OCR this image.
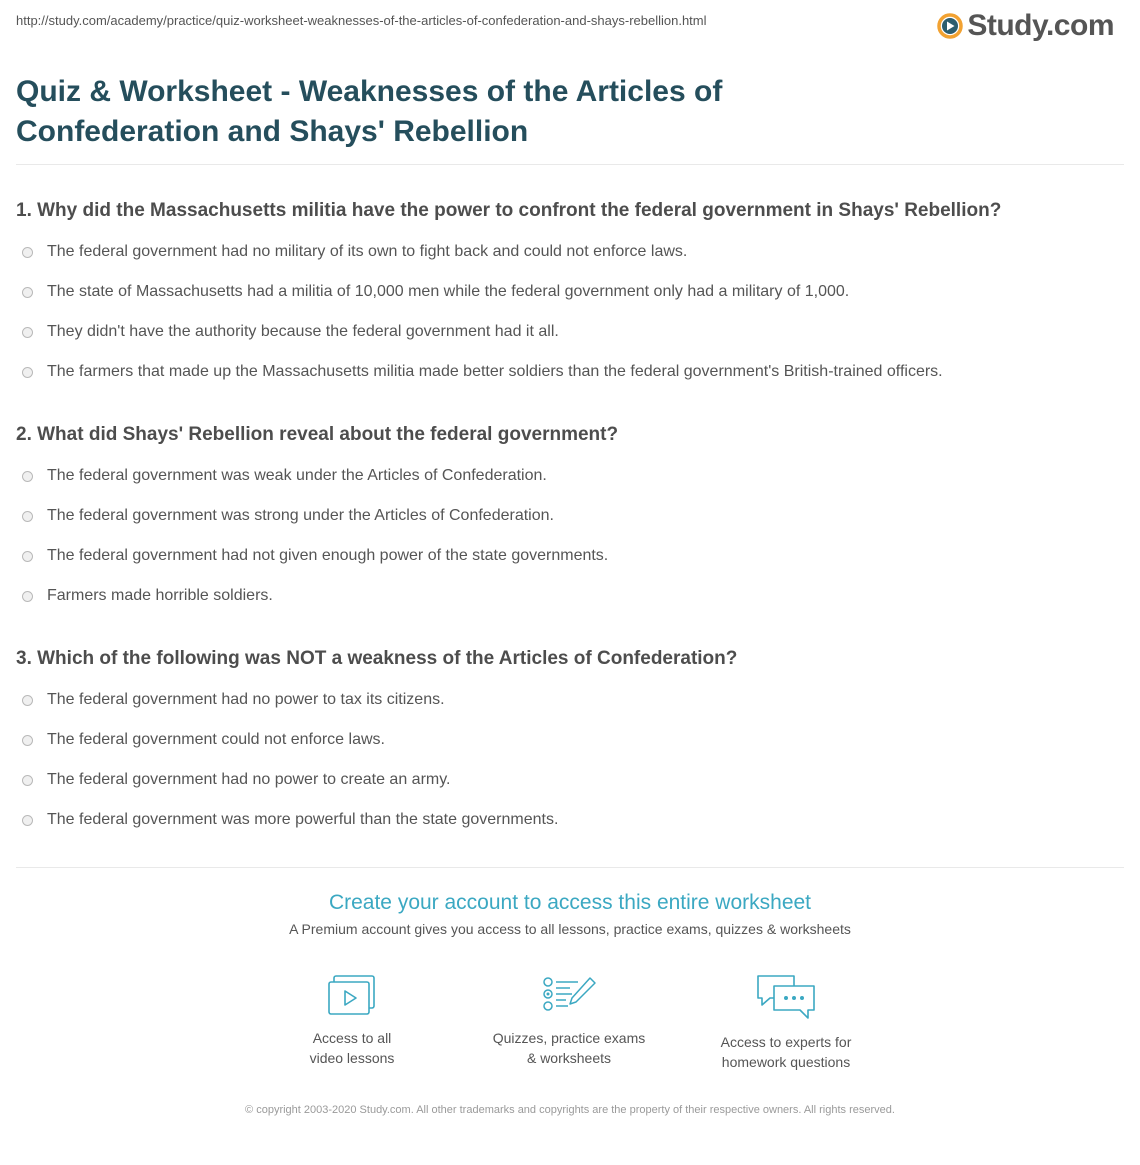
http://study.com/academy/practice/quiz-worksheet-weaknesses-of-the-articles-of-confederation-and-shays-rebellion.html	Study.com
Quiz & Worksheet - Weaknesses of the Articles of Confederation and Shays' Rebellion
1. Why did the Massachusetts militia have the power to confront the federal government in Shays' Rebellion?
The federal government had no military of its own to fight back and could not enforce laws.
The state of Massachusetts had a militia of 10,000 men while the federal government only had a military of 1,000.
They didn't have the authority because the federal government had it all.
The farmers that made up the Massachusetts militia made better soldiers than the federal government's British-trained officers.
2. What did Shays' Rebellion reveal about the federal government?
The federal government was weak under the Articles of Confederation.
The federal government was strong under the Articles of Confederation.
The federal government had not given enough power of the state governments.
Farmers made horrible soldiers.
3. Which of the following was NOT a weakness of the Articles of Confederation?
The federal government had no power to tax its citizens.
The federal government could not enforce laws.
The federal government had no power to create an army.
The federal government was more powerful than the state governments.
Create your account to access this entire worksheet
A Premium account gives you access to all lessons, practice exams, quizzes & worksheets
Access to all
video lessons
Quizzes, practice exams
& worksheets
Access to experts for
homework questions
© copyright 2003-2020 Study.com. All other trademarks and copyrights are the property of their respective owners. All rights reserved.
